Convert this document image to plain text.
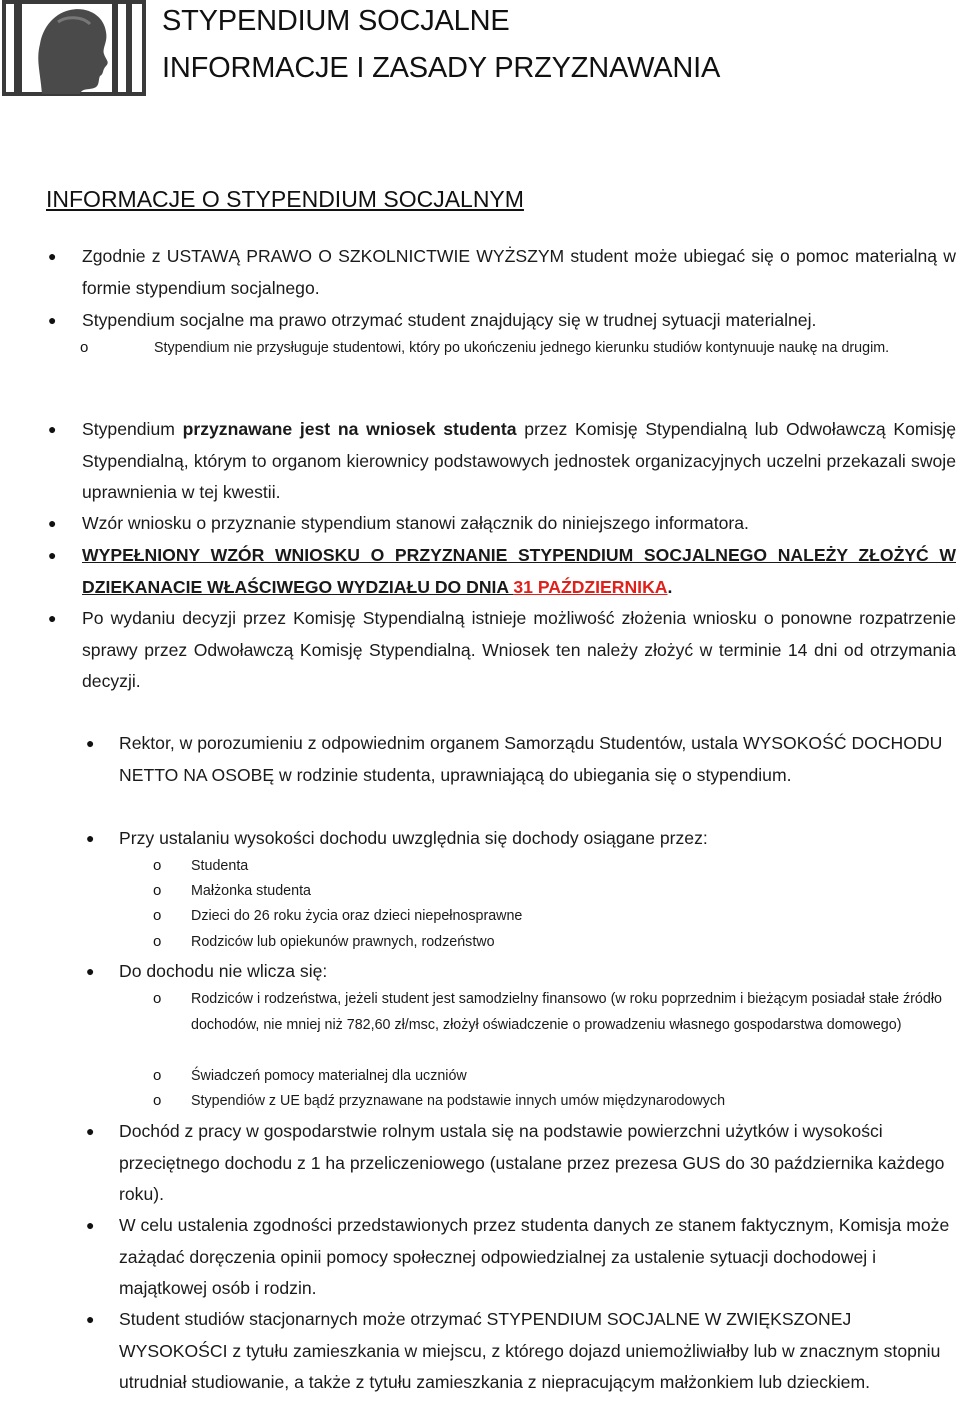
STYPENDIUM SOCJALNE
INFORMACJE I ZASADY PRZYZNAWANIA
INFORMACJE O STYPENDIUM SOCJALNYM
● Zgodnie z USTAWĄ PRAWO O SZKOLNICTWIE WYŻSZYM student może ubiegać się o pomoc materialną w formie stypendium socjalnego.
● Stypendium socjalne ma prawo otrzymać student znajdujący się w trudnej sytuacji materialnej.
o	Stypendium nie przysługuje studentowi, który po ukończeniu jednego kierunku studiów kontynuuje naukę na drugim.
● Stypendium przyznawane jest na wniosek studenta przez Komisję Stypendialną lub Odwoławczą Komisję Stypendialną, którym to organom kierownicy podstawowych jednostek organizacyjnych uczelni przekazali swoje uprawnienia w tej kwestii.
● Wzór wniosku o przyznanie stypendium stanowi załącznik do niniejszego informatora.
● WYPEŁNIONY WZÓR WNIOSKU O PRZYZNANIE STYPENDIUM SOCJALNEGO NALEŻY ZŁOŻYĆ W DZIEKANACIE WŁAŚCIWEGO WYDZIAŁU DO DNIA 31 PAŹDZIERNIKA.
● Po wydaniu decyzji przez Komisję Stypendialną istnieje możliwość złożenia wniosku o ponowne rozpatrzenie sprawy przez Odwoławczą Komisję Stypendialną. Wniosek ten należy złożyć w terminie 14 dni od otrzymania decyzji.
● Rektor, w porozumieniu z odpowiednim organem Samorządu Studentów, ustala WYSOKOŚĆ DOCHODU NETTO NA OSOBĘ w rodzinie studenta, uprawniającą do ubiegania się o stypendium.
● Przy ustalaniu wysokości dochodu uwzględnia się dochody osiągane przez:
o Studenta
o Małżonka studenta
o Dzieci do 26 roku życia oraz dzieci niepełnosprawne
o Rodziców lub opiekunów prawnych, rodzeństwo
● Do dochodu nie wlicza się:
o Rodziców i rodzeństwa, jeżeli student jest samodzielny finansowo (w roku poprzednim i bieżącym posiadał stałe źródło dochodów, nie mniej niż 782,60 zł/msc, złożył oświadczenie o prowadzeniu własnego gospodarstwa domowego)
o Świadczeń pomocy materialnej dla uczniów
o Stypendiów z UE bądź przyznawane na podstawie innych umów międzynarodowych
● Dochód z pracy w gospodarstwie rolnym ustala się na podstawie powierzchni użytków i wysokości przeciętnego dochodu z 1 ha przeliczeniowego (ustalane przez prezesa GUS do 30 października każdego roku).
● W celu ustalenia zgodności przedstawionych przez studenta danych ze stanem faktycznym, Komisja może zażądać doręczenia opinii pomocy społecznej odpowiedzialnej za ustalenie sytuacji dochodowej i majątkowej osób i rodzin.
● Student studiów stacjonarnych może otrzymać STYPENDIUM SOCJALNE W ZWIĘKSZONEJ WYSOKOŚCI z tytułu zamieszkania w miejscu, z którego dojazd uniemożliwiałby lub w znacznym stopniu utrudniał studiowanie, a także z tytułu zamieszkania z niepracującym małżonkiem lub dzieckiem.
